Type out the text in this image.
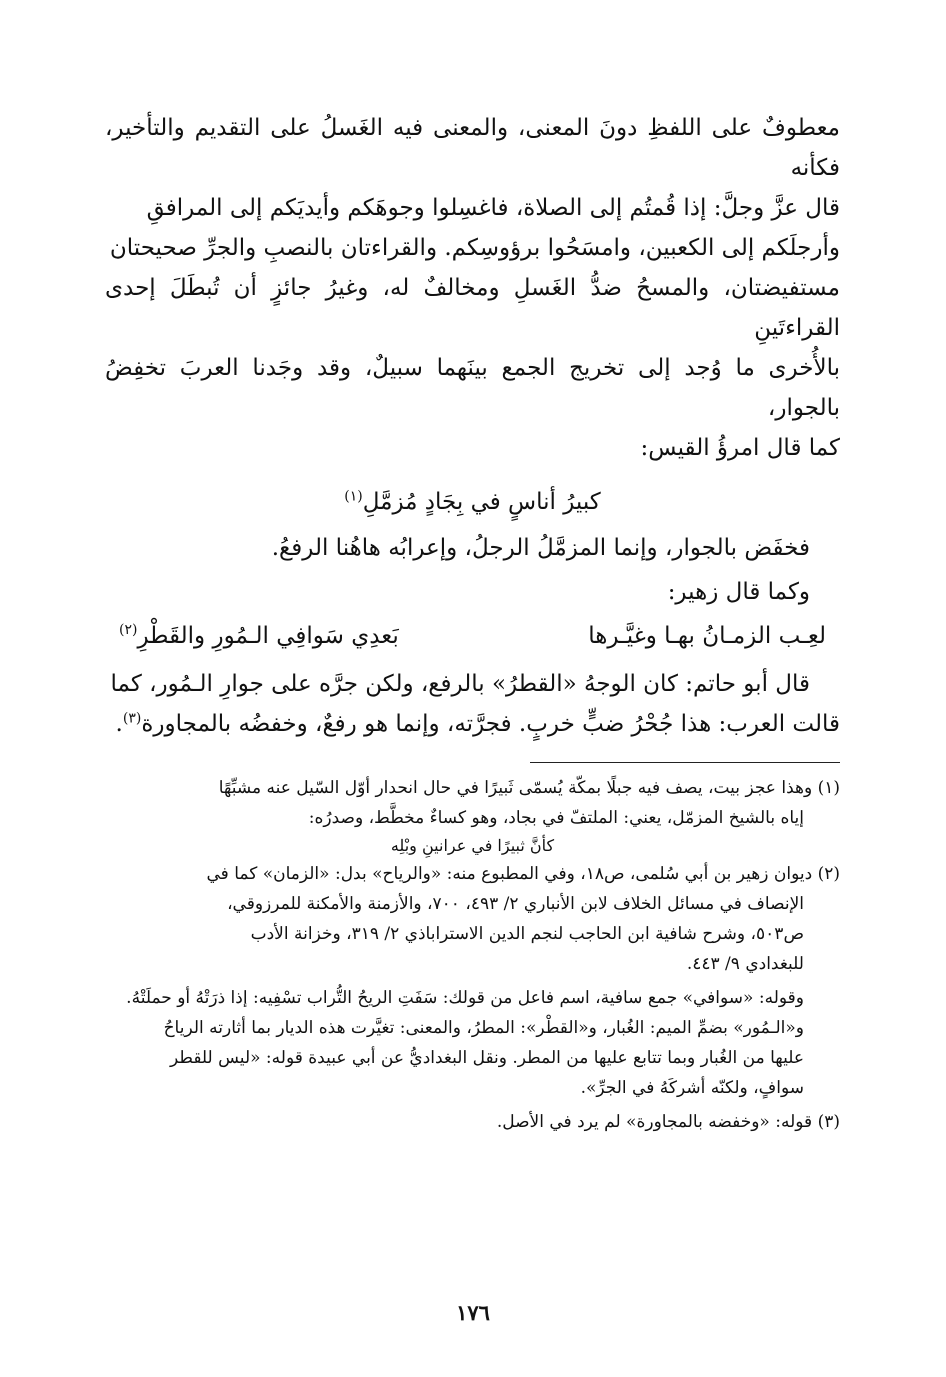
معطوفٌ على اللفظِ دونَ المعنى، والمعنى فيه الغَسلُ على التقديم والتأخير، فكأنه

قال عزَّ وجلَّ: إذا قُمتُم إلى الصلاة، فاغسِلوا وجوهَكم وأيديَكم إلى المرافقِ

وأرجلَكم إلى الكعبين، وامسَحُوا برؤوسِكم. والقراءتان بالنصبِ والجرِّ صحيحتان

مستفيضتان، والمسحُ ضدُّ الغَسلِ ومخالفٌ له، وغيرُ جائزٍ أن تُبطَلَ إحدى القراءتَينِ

بالأُخرى ما وُجد إلى تخريج الجمع بينَهما سبيلٌ، وقد وجَدنا العربَ تخفِضُ بالجوار،

كما قال امرؤُ القيس:

كبيرُ أناسٍ في بِجَادٍ مُزمَّلِ$^{(١)}$

فخفَض بالجوار، وإنما المزمَّلُ الرجلُ، وإعرابُه هاهُنا الرفعُ.

وكما قال زهير:

لعِـب الزمـانُ بهـا وغيَّـرها
بَعدِي سَوافِي الـمُورِ والقَطْرِ(٢)

قال أبو حاتم: كان الوجهُ «القطرُ» بالرفع، ولكن جرَّه على جوارِ الـمُور، كما

قالت العرب: هذا جُحْرُ ضبٍّ خربٍ. فجرَّته، وإنما هو رفعٌ، وخفضُه بالمجاورة$^{(٣)}$.

(١) وهذا عجز بيت، يصف فيه جبلًا بمكّة يُسمّى ثَبيرًا في حال انحدار أوّل السّيل عنه مشبِّهًا
إياه بالشيخ المزمّل، يعني: الملتفّ في بجاد، وهو كساءٌ مخطَّط، وصدرُه:

كأنَّ ثبيرًا في عرانينِ وبْلِه

(٢) ديوان زهير بن أبي سُلمى، ص١٨، وفي المطبوع منه: «والرياح» بدل: «الزمان» كما في
الإنصاف في مسائل الخلاف لابن الأنباري ٢/ ٤٩٣، ٧٠٠، والأزمنة والأمكنة للمرزوقي،
ص٥٠٣، وشرح شافية ابن الحاجب لنجم الدين الاستراباذي ٢/ ٣١٩، وخزانة الأدب
للبغدادي ٩/ ٤٤٣.
وقوله: «سوافي» جمع سافية، اسم فاعل من قولك: سَفَتِ الريحُ التُّراب تسْفِيه: إذا ذرَتْهُ أو حملَتْهُ.
و«الـمُور» بضمِّ الميم: الغُبار، و«القطْر»: المطرُ، والمعنى: تغيَّرت هذه الديار بما أثارته الرياحُ
عليها من الغُبار وبما تتابع عليها من المطر. ونقل البغداديُّ عن أبي عبيدة قوله: «ليس للقطر
سوافٍ، ولكنّه أشركَهُ في الجرِّ».
(٣) قوله: «وخفضه بالمجاورة» لم يرد في الأصل.
١٧٦
